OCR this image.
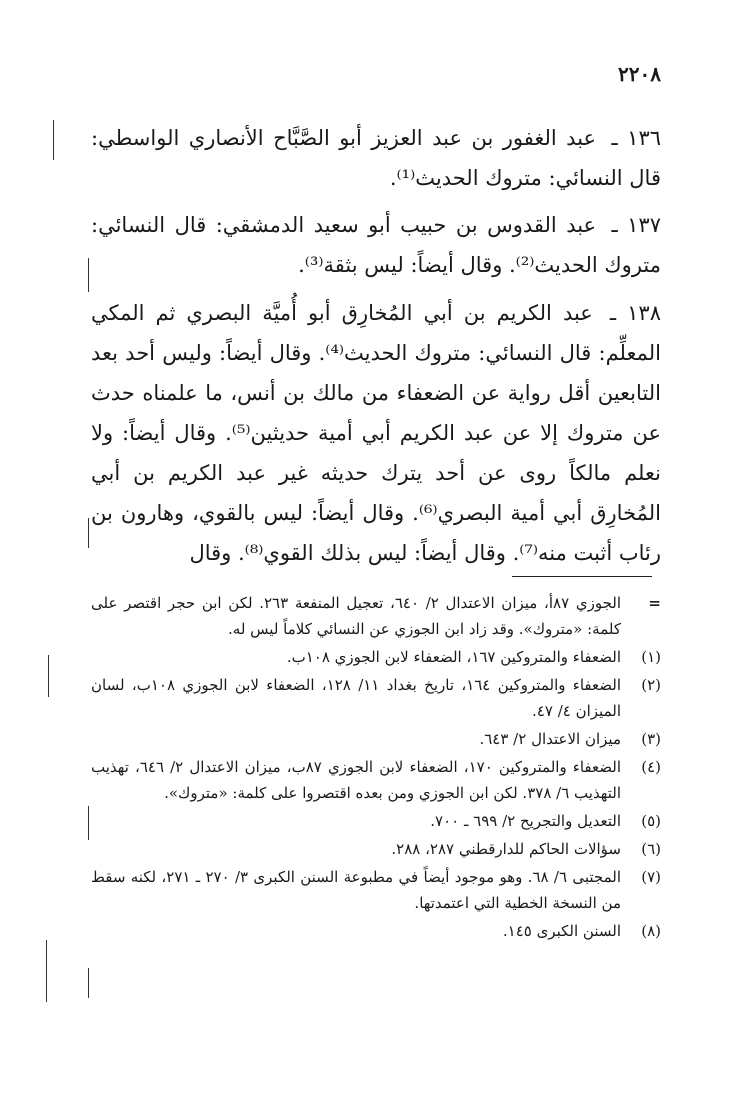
٢٢٠٨
١٣٦ ـ عبد الغفور بن عبد العزيز أبو الصَّبَّاح الأنصاري الواسطي: قال النسائي: متروك الحديث⁽¹⁾.
١٣٧ ـ عبد القدوس بن حبيب أبو سعيد الدمشقي: قال النسائي: متروك الحديث⁽²⁾. وقال أيضاً: ليس بثقة⁽³⁾.
١٣٨ ـ عبد الكريم بن أبي المُخارِق أبو أُميَّة البصري ثم المكي المعلِّم: قال النسائي: متروك الحديث⁽⁴⁾. وقال أيضاً: وليس أحد بعد التابعين أقل رواية عن الضعفاء من مالك بن أنس، ما علمناه حدث عن متروك إلا عن عبد الكريم أبي أمية حديثين⁽⁵⁾. وقال أيضاً: ولا نعلم مالكاً روى عن أحد يترك حديثه غير عبد الكريم بن أبي المُخارِق أبي أمية البصري⁽⁶⁾. وقال أيضاً: ليس بالقوي، وهارون بن رئاب أثبت منه⁽⁷⁾. وقال أيضاً: ليس بذلك القوي⁽⁸⁾. وقال
=
الجوزي ٨٧أ، ميزان الاعتدال ٢/ ٦٤٠، تعجيل المنفعة ٢٦٣. لكن ابن حجر اقتصر على كلمة: «متروك». وقد زاد ابن الجوزي عن النسائي كلاماً ليس له.
(١)
الضعفاء والمتروكين ١٦٧، الضعفاء لابن الجوزي ١٠٨ب.
(٢)
الضعفاء والمتروكين ١٦٤، تاريخ بغداد ١١/ ١٢٨، الضعفاء لابن الجوزي ١٠٨ب، لسان الميزان ٤/ ٤٧.
(٣)
ميزان الاعتدال ٢/ ٦٤٣.
(٤)
الضعفاء والمتروكين ١٧٠، الضعفاء لابن الجوزي ٨٧ب، ميزان الاعتدال ٢/ ٦٤٦، تهذيب التهذيب ٦/ ٣٧٨. لكن ابن الجوزي ومن بعده اقتصروا على كلمة: «متروك».
(٥)
التعديل والتجريح ٢/ ٦٩٩ ـ ٧٠٠.
(٦)
سؤالات الحاكم للدارقطني ٢٨٧، ٢٨٨.
(٧)
المجتبى ٦/ ٦٨. وهو موجود أيضاً في مطبوعة السنن الكبرى ٣/ ٢٧٠ ـ ٢٧١، لكنه سقط من النسخة الخطية التي اعتمدتها.
(٨)
السنن الكبرى ١٤٥.
